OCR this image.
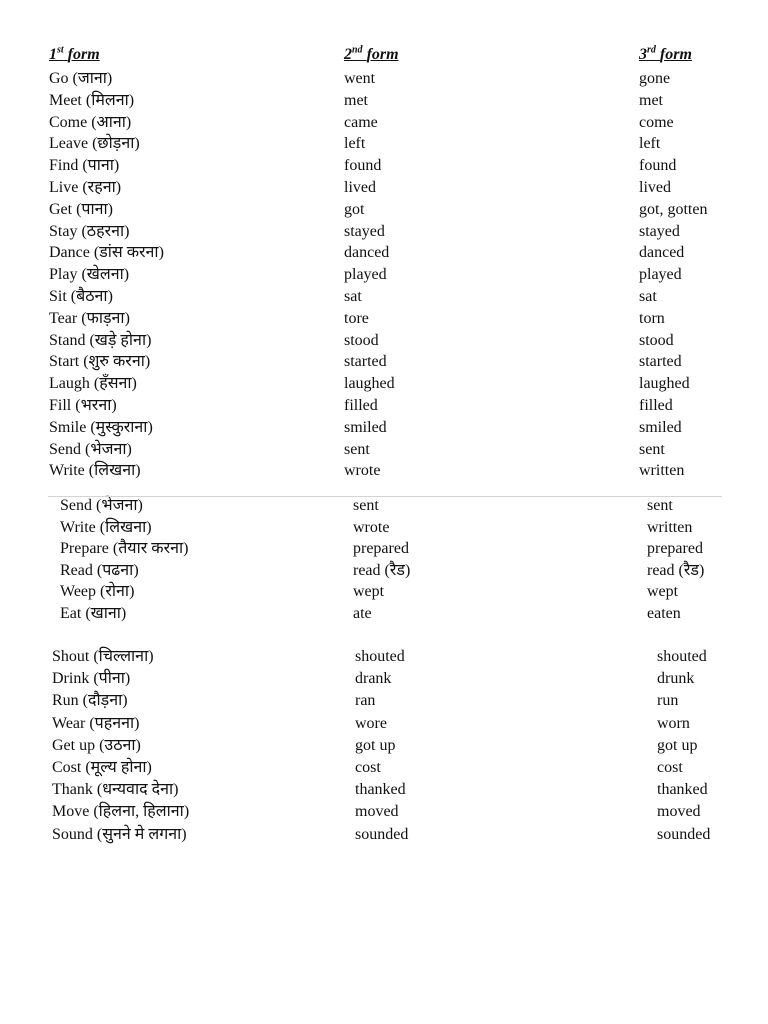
1st form	2nd form	3rd form
Go (जाना)	went	gone
Meet (मिलना)	met	met
Come (आना)	came	come
Leave (छोड़ना)	left	left
Find (पाना)	found	found
Live (रहना)	lived	lived
Get (पाना)	got	got, gotten
Stay (ठहरना)	stayed	stayed
Dance (डांस करना)	danced	danced
Play (खेलना)	played	played
Sit (बैठना)	sat	sat
Tear (फाड़ना)	tore	torn
Stand (खड़े होना)	stood	stood
Start (शुरु करना)	started	started
Laugh (हँसना)	laughed	laughed
Fill (भरना)	filled	filled
Smile (मुस्कुराना)	smiled	smiled
Send (भेजना)	sent	sent
Write (लिखना)	wrote	written
Send (भेजना)	sent	sent
Write (लिखना)	wrote	written
Prepare (तैयार करना)	prepared	prepared
Read (पढना)	read (रैड)	read (रैड)
Weep (रोना)	wept	wept
Eat (खाना)	ate	eaten
Shout (चिल्लाना)	shouted	shouted
Drink (पीना)	drank	drunk
Run (दौड़ना)	ran	run
Wear (पहनना)	wore	worn
Get up (उठना)	got up	got up
Cost (मूल्य होना)	cost	cost
Thank (धन्यवाद देना)	thanked	thanked
Move (हिलना, हिलाना)	moved	moved
Sound (सुनने मे लगना)	sounded	sounded
